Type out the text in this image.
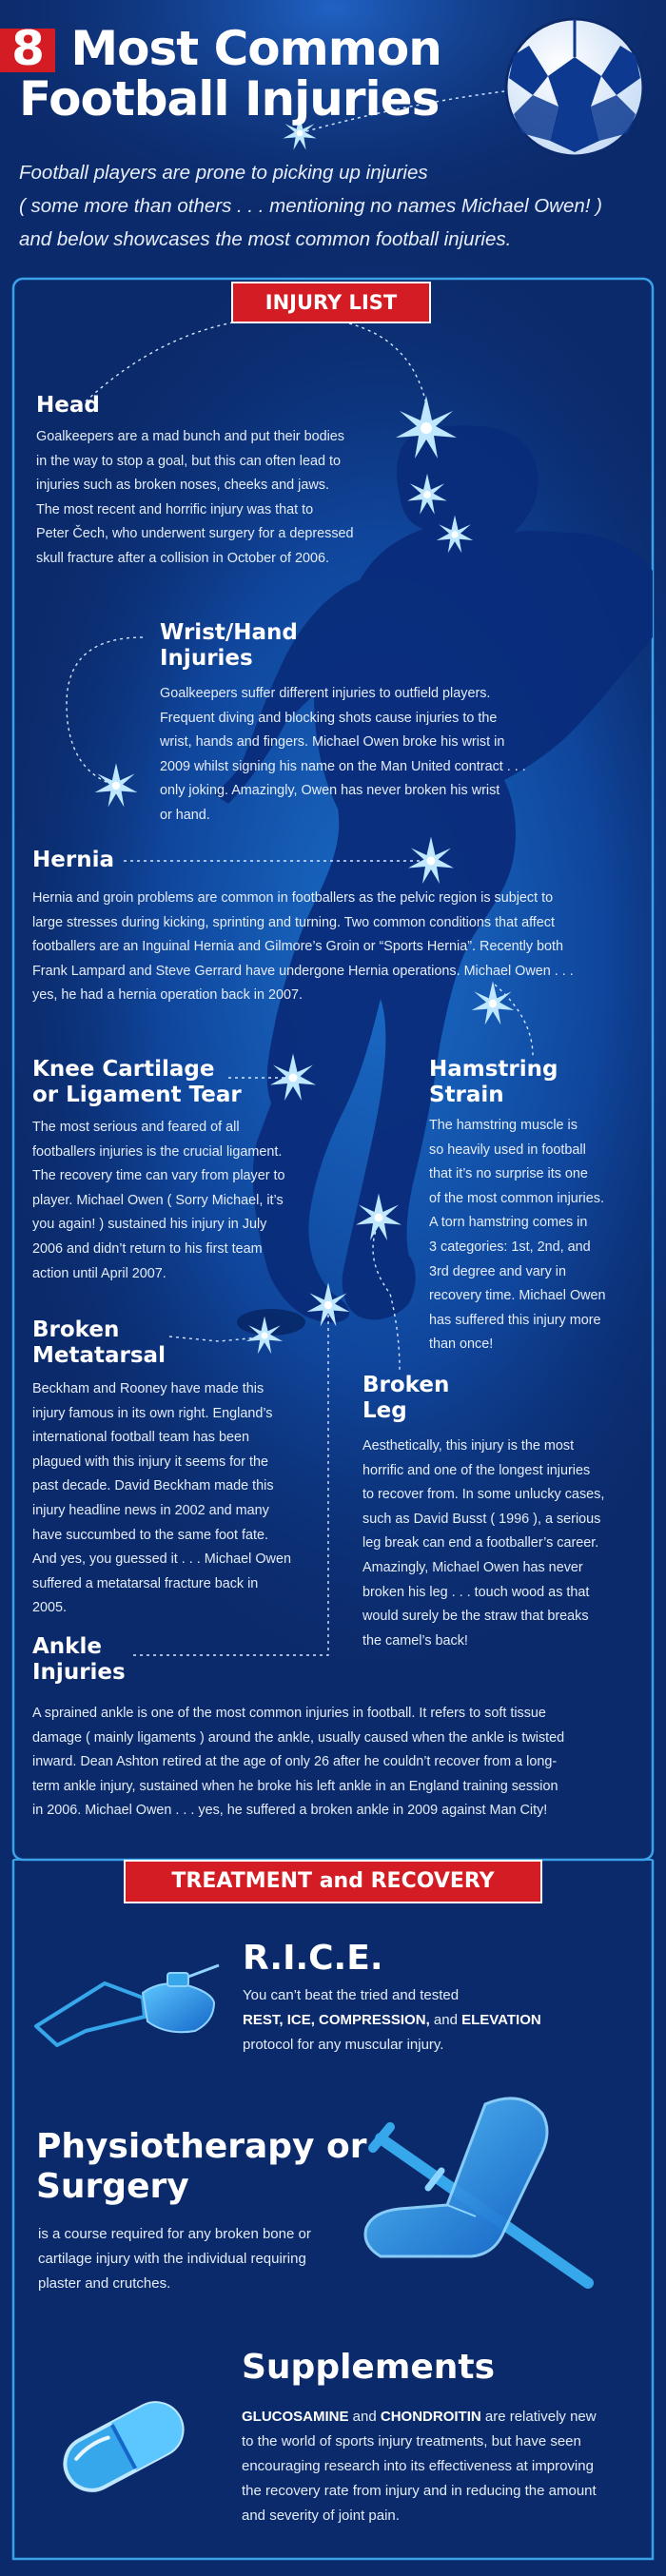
8 Most Common
Football Injuries
Football players are prone to picking up injuries
( some more than others . . . mentioning no names Michael Owen! )
and below showcases the most common football injuries.
INJURY LIST
Head
Goalkeepers are a mad bunch and put their bodies
in the way to stop a goal, but this can often lead to
injuries such as broken noses, cheeks and jaws.
The most recent and horrific injury was that to
Peter Čech, who underwent surgery for a depressed
skull fracture after a collision in October of 2006.
Wrist/Hand
Injuries
Goalkeepers suffer different injuries to outfield players.
Frequent diving and blocking shots cause injuries to the
wrist, hands and fingers. Michael Owen broke his wrist in
2009 whilst signing his name on the Man United contract . . .
only joking. Amazingly, Owen has never broken his wrist
or hand.
Hernia
Hernia and groin problems are common in footballers as the pelvic region is subject to
large stresses during kicking, sprinting and turning. Two common conditions that affect
footballers are an Inguinal Hernia and Gilmore’s Groin or “Sports Hernia”. Recently both
Frank Lampard and Steve Gerrard have undergone Hernia operations. Michael Owen . . .
yes, he had a hernia operation back in 2007.
Knee Cartilage
or Ligament Tear
The most serious and feared of all
footballers injuries is the crucial ligament.
The recovery time can vary from player to
player. Michael Owen ( Sorry Michael, it’s
you again! ) sustained his injury in July
2006 and didn’t return to his first team
action until April 2007.
Hamstring
Strain
The hamstring muscle is
so heavily used in football
that it’s no surprise its one
of the most common injuries.
A torn hamstring comes in
3 categories: 1st, 2nd, and
3rd degree and vary in
recovery time. Michael Owen
has suffered this injury more
than once!
Broken
Metatarsal
Beckham and Rooney have made this
injury famous in its own right. England’s
international football team has been
plagued with this injury it seems for the
past decade. David Beckham made this
injury headline news in 2002 and many
have succumbed to the same foot fate.
And yes, you guessed it . . . Michael Owen
suffered a metatarsal fracture back in
2005.
Broken
Leg
Aesthetically, this injury is the most
horrific and one of the longest injuries
to recover from. In some unlucky cases,
such as David Busst ( 1996 ), a serious
leg break can end a footballer’s career.
Amazingly, Michael Owen has never
broken his leg . . . touch wood as that
would surely be the straw that breaks
the camel’s back!
Ankle
Injuries
A sprained ankle is one of the most common injuries in football. It refers to soft tissue
damage ( mainly ligaments ) around the ankle, usually caused when the ankle is twisted
inward. Dean Ashton retired at the age of only 26 after he couldn’t recover from a long-
term ankle injury, sustained when he broke his left ankle in an England training session
in 2006. Michael Owen . . . yes, he suffered a broken ankle in 2009 against Man City!
TREATMENT and RECOVERY
R.I.C.E.
You can’t beat the tried and tested
REST, ICE, COMPRESSION, and ELEVATION
protocol for any muscular injury.
Physiotherapy or
Surgery
is a course required for any broken bone or
cartilage injury with the individual requiring
plaster and crutches.
Supplements
GLUCOSAMINE and CHONDROITIN are relatively new
to the world of sports injury treatments, but have seen
encouraging research into its effectiveness at improving
the recovery rate from injury and in reducing the amount
and severity of joint pain.
